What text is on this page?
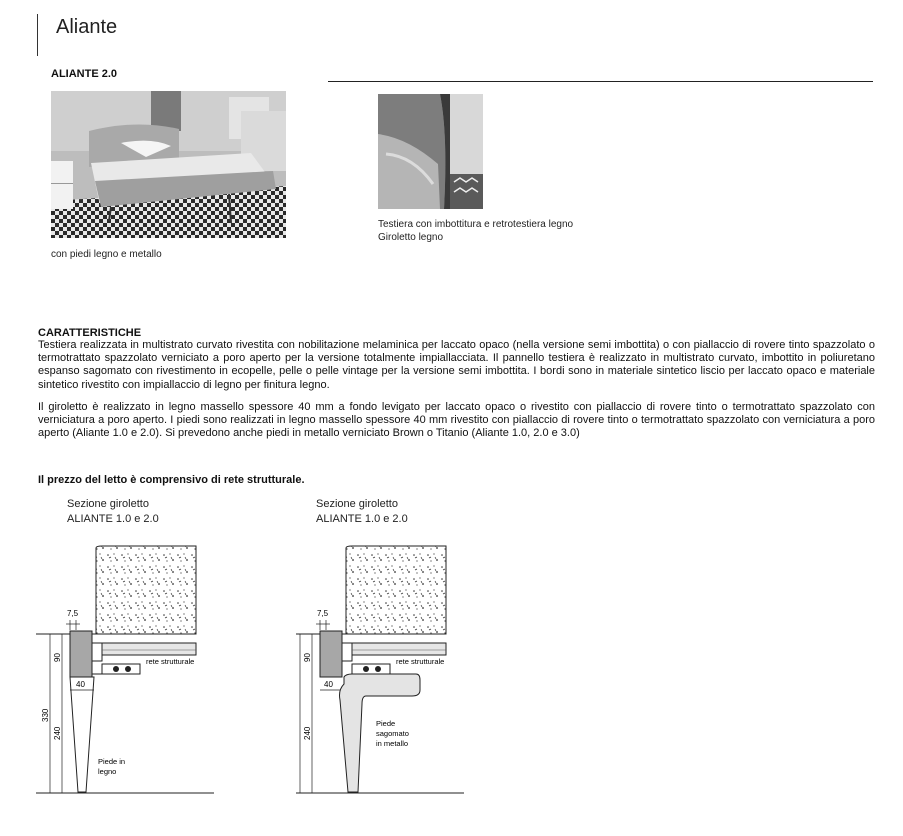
Aliante
ALIANTE 2.0
con piedi legno e metallo
Testiera con imbottitura e retrotestiera legno
Giroletto legno
CARATTERISTICHE
Testiera realizzata in multistrato curvato rivestita con nobilitazione melaminica per laccato opaco (nella versione semi imbottita) o con piallaccio di rovere tinto spazzolato o termotrattato spazzolato verniciato a poro aperto per la versione totalmente impiallacciata. Il pannello testiera è realizzato in multistrato curvato, imbottito in poliuretano espanso sagomato con rivestimento in ecopelle, pelle o pelle vintage per la versione semi imbottita. I bordi sono in materiale sintetico liscio per laccato opaco e materiale sintetico rivestito con impiallaccio di legno per finitura legno.
Il giroletto è realizzato in legno massello spessore 40 mm a fondo levigato per laccato opaco o rivestito con piallaccio di rovere tinto o termotrattato spazzolato con verniciatura a poro aperto. I piedi sono realizzati in legno massello spessore 40 mm rivestito con piallaccio di rovere tinto o termotrattato spazzolato con verniciatura a poro aperto (Aliante 1.0 e 2.0). Si prevedono anche piedi in metallo verniciato Brown o Titanio (Aliante 1.0, 2.0 e 3.0)
Il prezzo del letto è comprensivo di rete strutturale.
Sezione giroletto
ALIANTE 1.0 e 2.0
Sezione giroletto
ALIANTE 1.0 e 2.0
7,5
90
330
240
40
rete strutturale
Piede in
legno
7,5
90
240
40
rete strutturale
Piede
sagomato
in metallo
